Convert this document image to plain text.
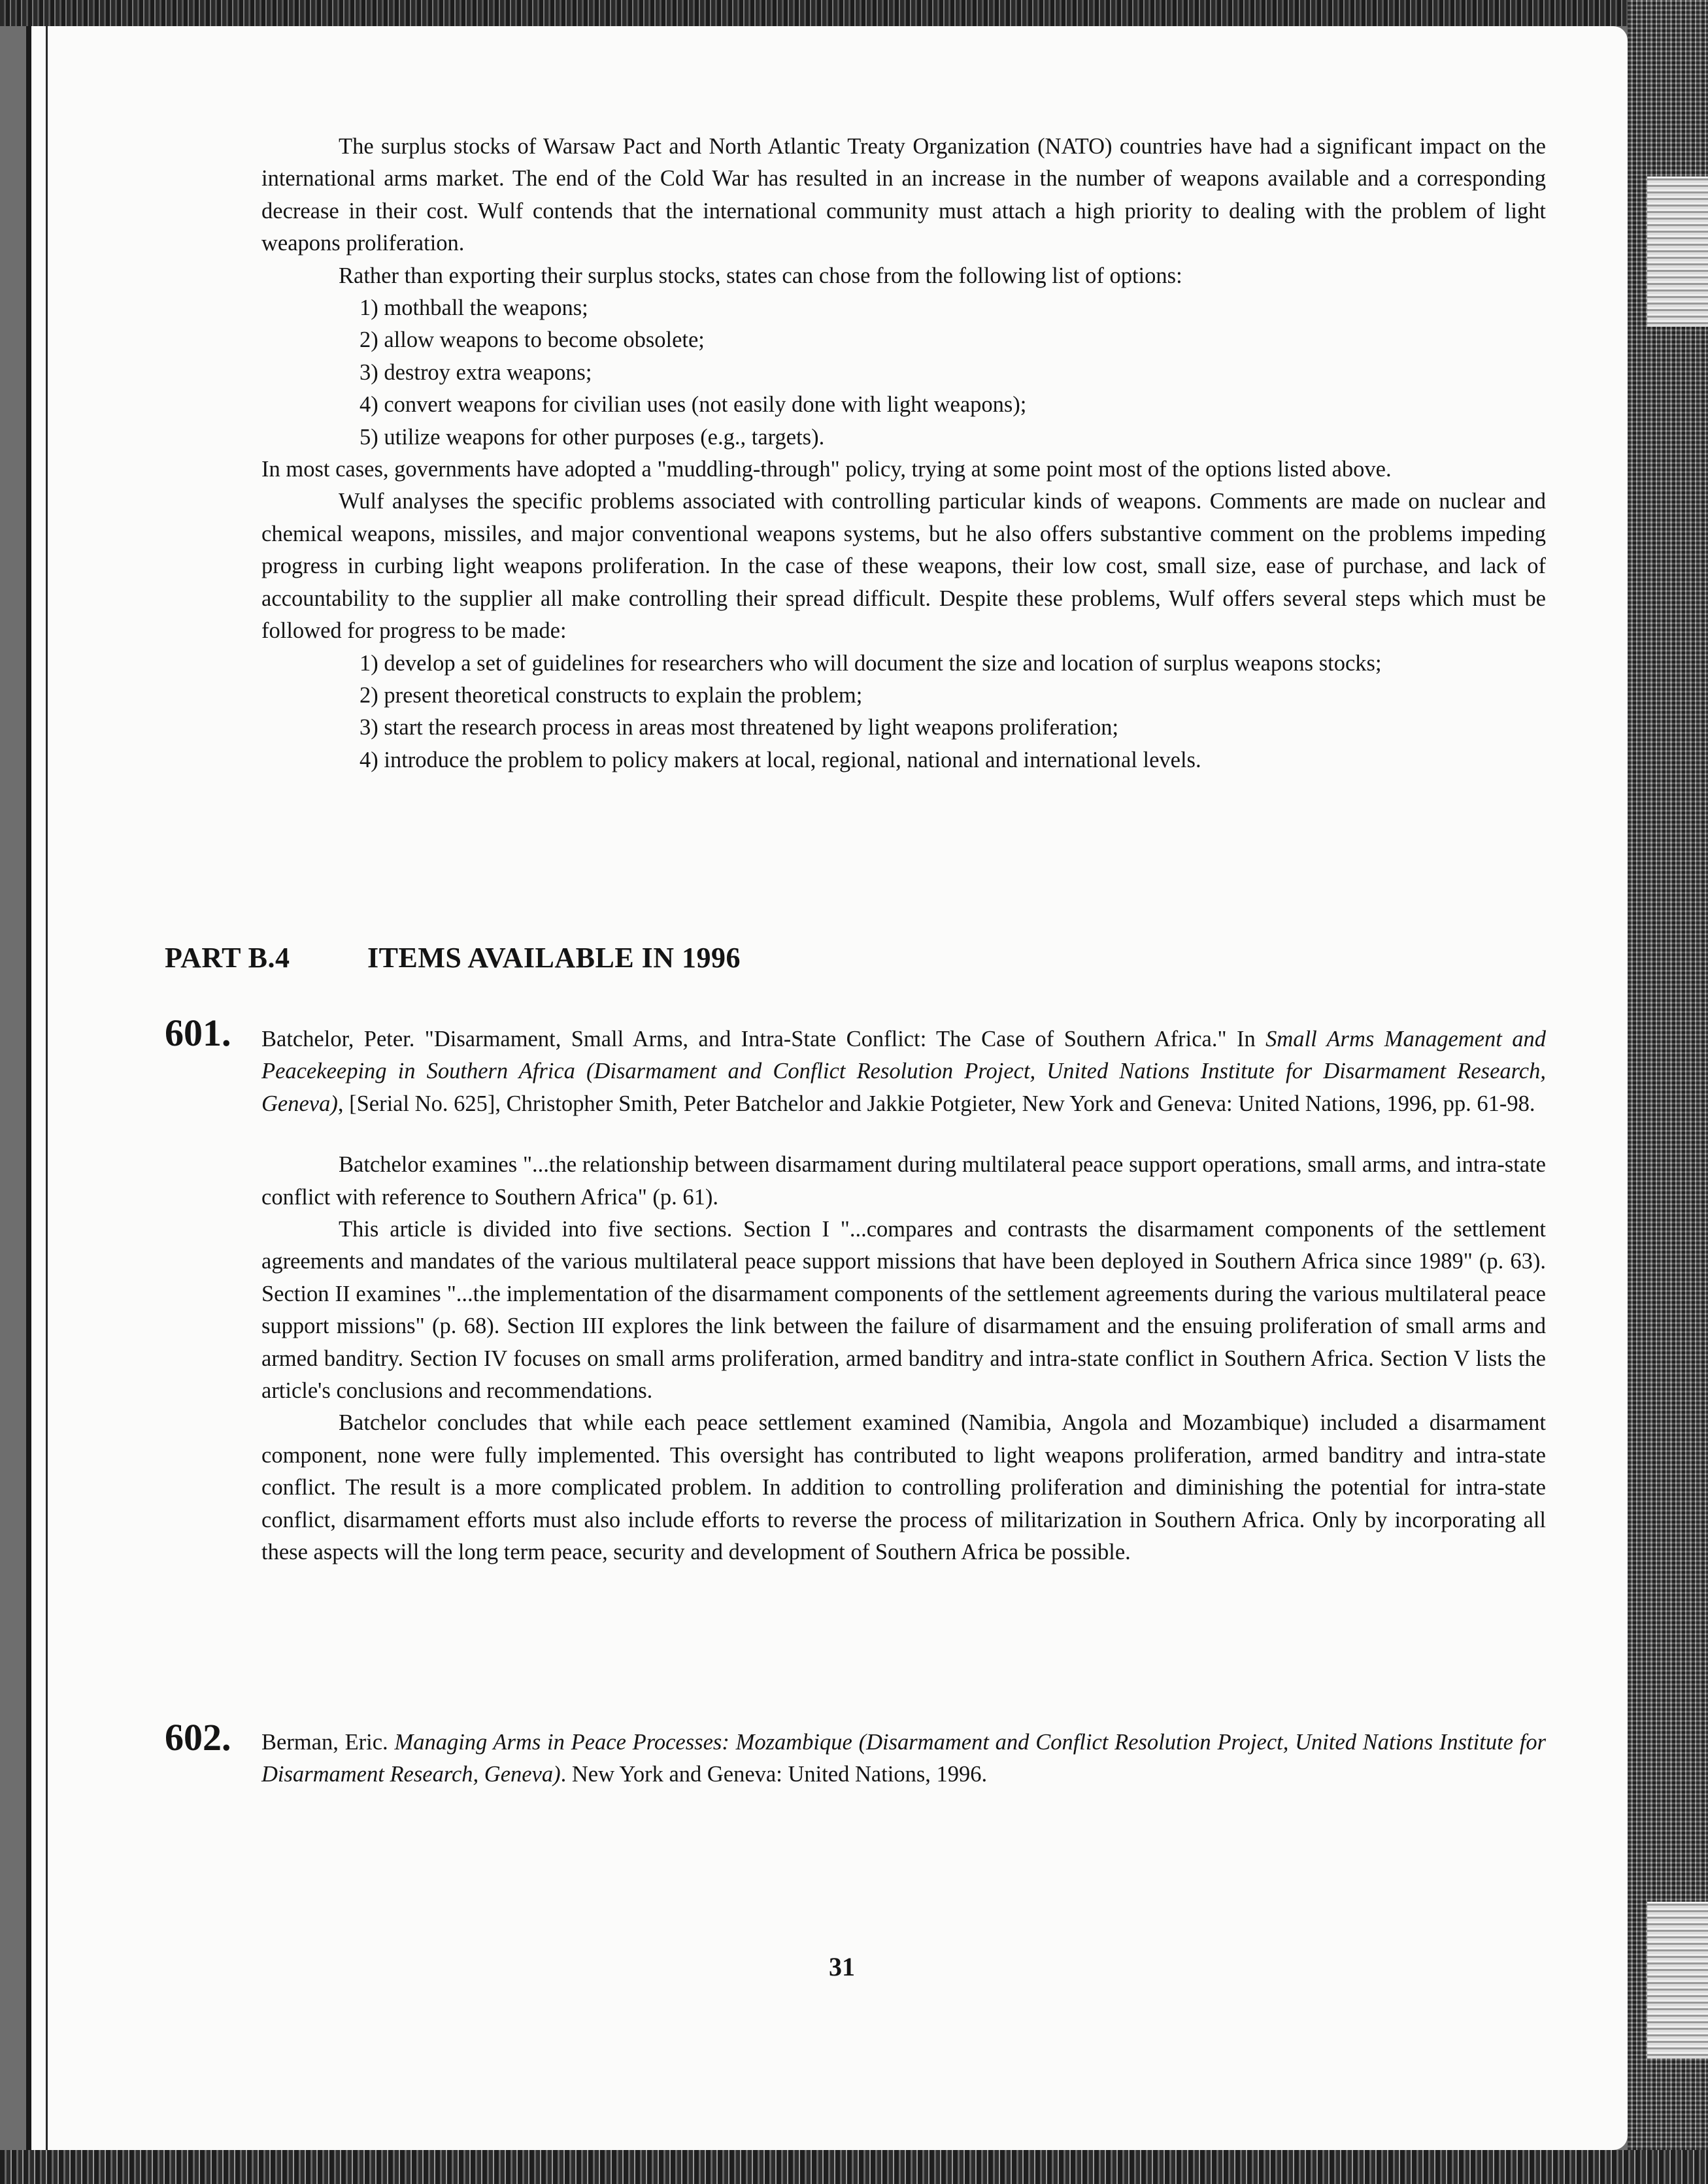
The surplus stocks of Warsaw Pact and North Atlantic Treaty Organization (NATO) countries have had a significant impact on the international arms market. The end of the Cold War has resulted in an increase in the number of weapons available and a corresponding decrease in their cost. Wulf contends that the international community must attach a high priority to dealing with the problem of light weapons proliferation.

Rather than exporting their surplus stocks, states can chose from the following list of options:

1) mothball the weapons;
2) allow weapons to become obsolete;
3) destroy extra weapons;
4) convert weapons for civilian uses (not easily done with light weapons);
5) utilize weapons for other purposes (e.g., targets).

In most cases, governments have adopted a "muddling-through" policy, trying at some point most of the options listed above.

Wulf analyses the specific problems associated with controlling particular kinds of weapons. Comments are made on nuclear and chemical weapons, missiles, and major conventional weapons systems, but he also offers substantive comment on the problems impeding progress in curbing light weapons proliferation. In the case of these weapons, their low cost, small size, ease of purchase, and lack of accountability to the supplier all make controlling their spread difficult. Despite these problems, Wulf offers several steps which must be followed for progress to be made:

1) develop a set of guidelines for researchers who will document the size and location of surplus weapons stocks;
2) present theoretical constructs to explain the problem;
3) start the research process in areas most threatened by light weapons proliferation;
4) introduce the problem to policy makers at local, regional, national and international levels.
PART B.4	ITEMS AVAILABLE IN 1996
601. Batchelor, Peter. "Disarmament, Small Arms, and Intra-State Conflict: The Case of Southern Africa." In Small Arms Management and Peacekeeping in Southern Africa (Disarmament and Conflict Resolution Project, United Nations Institute for Disarmament Research, Geneva), [Serial No. 625], Christopher Smith, Peter Batchelor and Jakkie Potgieter, New York and Geneva: United Nations, 1996, pp. 61-98.

Batchelor examines "...the relationship between disarmament during multilateral peace support operations, small arms, and intra-state conflict with reference to Southern Africa" (p. 61).

This article is divided into five sections. Section I "...compares and contrasts the disarmament components of the settlement agreements and mandates of the various multilateral peace support missions that have been deployed in Southern Africa since 1989" (p. 63). Section II examines "...the implementation of the disarmament components of the settlement agreements during the various multilateral peace support missions" (p. 68). Section III explores the link between the failure of disarmament and the ensuing proliferation of small arms and armed banditry. Section IV focuses on small arms proliferation, armed banditry and intra-state conflict in Southern Africa. Section V lists the article's conclusions and recommendations.

Batchelor concludes that while each peace settlement examined (Namibia, Angola and Mozambique) included a disarmament component, none were fully implemented. This oversight has contributed to light weapons proliferation, armed banditry and intra-state conflict. The result is a more complicated problem. In addition to controlling proliferation and diminishing the potential for intra-state conflict, disarmament efforts must also include efforts to reverse the process of militarization in Southern Africa. Only by incorporating all these aspects will the long term peace, security and development of Southern Africa be possible.

602. Berman, Eric. Managing Arms in Peace Processes: Mozambique (Disarmament and Conflict Resolution Project, United Nations Institute for Disarmament Research, Geneva). New York and Geneva: United Nations, 1996.

31
